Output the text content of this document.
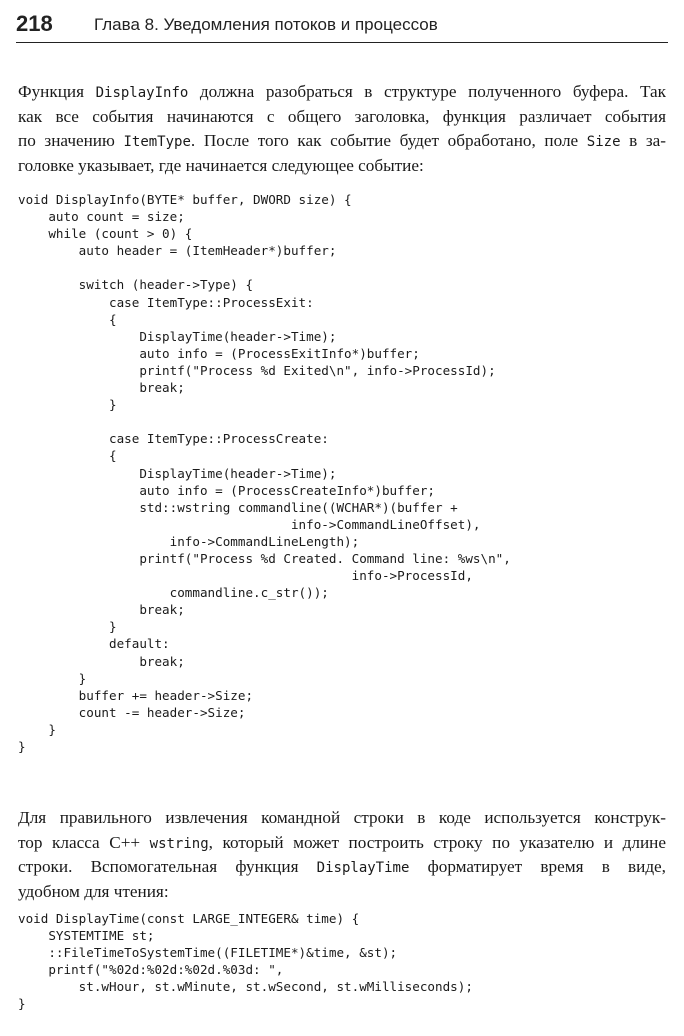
218 Глава 8. Уведомления потоков и процессов
Функция DisplayInfo должна разобраться в структуре полученного буфера. Так
как все события начинаются с общего заголовка, функция различает события
по значению ItemType. После того как событие будет обработано, поле Size в за-
головке указывает, где начинается следующее событие:
void DisplayInfo(BYTE* buffer, DWORD size) {
auto count = size;
while (count > 0) {
auto header = (ItemHeader*)buffer;
switch (header->Type) {
case ItemType::ProcessExit:
{
DisplayTime(header->Time);
auto info = (ProcessExitInfo*)buffer;
printf("Process %d Exited\n", info->ProcessId);
break;
}
case ItemType::ProcessCreate:
{
DisplayTime(header->Time);
auto info = (ProcessCreateInfo*)buffer;
std::wstring commandline((WCHAR*)(buffer +
info->CommandLineOffset),
info->CommandLineLength);
printf("Process %d Created. Command line: %ws\n",
info->ProcessId,
commandline.c_str());
break;
}
default:
break;
}
buffer += header->Size;
count -= header->Size;
}
}
Для правильного извлечения командной строки в коде используется конструк-
тор класса C++ wstring, который может построить строку по указателю и длине
строки. Вспомогательная функция DisplayTime форматирует время в виде,
удобном для чтения:
void DisplayTime(const LARGE_INTEGER& time) {
SYSTEMTIME st;
::FileTimeToSystemTime((FILETIME*)&time, &st);
printf("%02d:%02d:%02d.%03d: ",
st.wHour, st.wMinute, st.wSecond, st.wMilliseconds);
}
